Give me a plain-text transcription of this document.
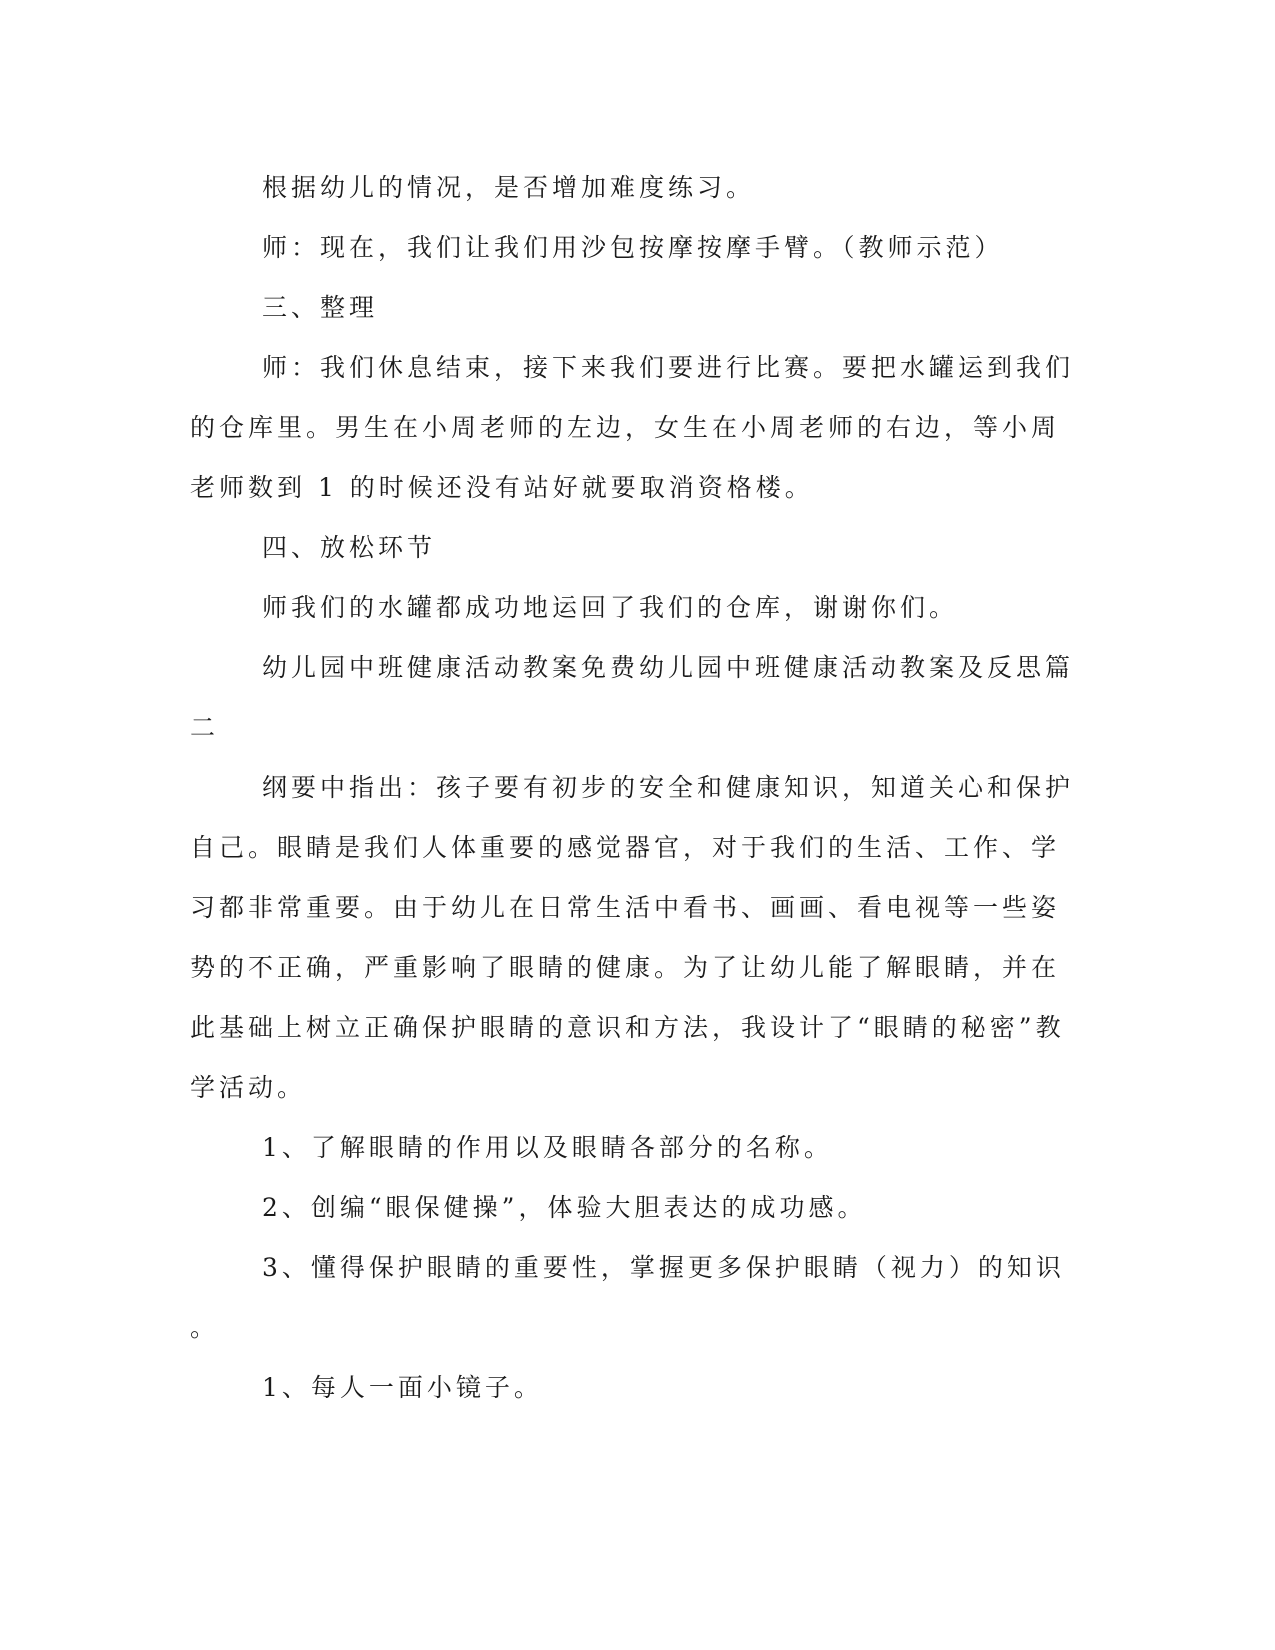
根据幼儿的情况，是否增加难度练习。
师：现在，我们让我们用沙包按摩按摩手臂。（教师示范）
三、整理
师：我们休息结束，接下来我们要进行比赛。要把水罐运到我们
的仓库里。男生在小周老师的左边，女生在小周老师的右边，等小周
老师数到 1 的时候还没有站好就要取消资格楼。
四、放松环节
师我们的水罐都成功地运回了我们的仓库，谢谢你们。
幼儿园中班健康活动教案免费幼儿园中班健康活动教案及反思篇
二
纲要中指出：孩子要有初步的安全和健康知识，知道关心和保护
自己。眼睛是我们人体重要的感觉器官，对于我们的生活、工作、学
习都非常重要。由于幼儿在日常生活中看书、画画、看电视等一些姿
势的不正确，严重影响了眼睛的健康。为了让幼儿能了解眼睛，并在
此基础上树立正确保护眼睛的意识和方法，我设计了“眼睛的秘密”教
学活动。
1、了解眼睛的作用以及眼睛各部分的名称。
2、创编“眼保健操”，体验大胆表达的成功感。
3、懂得保护眼睛的重要性，掌握更多保护眼睛（视力）的知识
。
1、每人一面小镜子。
